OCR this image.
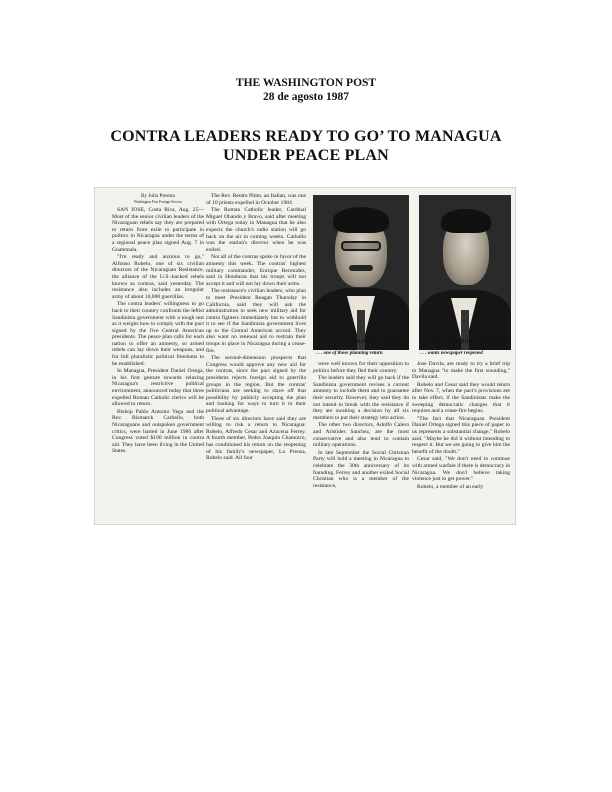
THE WASHINGTON POST
28 de agosto 1987
CONTRA LEADERS READY TO GO’ TO MANAGUA
UNDER PEACE PLAN
By Julia Preston
Washington Post Foreign Service

SAN JOSE, Costa Rica, Aug. 25—Most of the senior civilian leaders of the Nicaraguan rebels say they are prepared to return from exile to participate in politics in Nicaragua under the terms of a regional peace plan signed Aug. 7 in Guatemala.

"I'm ready and anxious to go," Alfonso Robelo, one of six civilian directors of the Nicaraguan Resistance, the alliance of the U.S.-backed rebels known as contras, said yesterday. The resistance also includes an irregular army of about 16,000 guerrillas.

The contra leaders' willingness to go back to their country confronts the leftist Sandinista government with a tough test as it weighs how to comply with the pact signed by the five Central American presidents. The peace plan calls for each nation to offer an amnesty, so armed rebels can lay down their weapons, and for full pluralistic political freedoms to be established.

In Managua, President Daniel Ortega, in his first gesture towards relaxing Nicaragua's restrictive political environment, announced today that three expelled Roman Catholic clerics will be allowed to return.

Bishop Pablo Antonio Vega and the Rev. Bismarck Carballo, both Nicaraguans and outspoken government critics, were barred in June 1986 after Congress voted $100 million in contra aid. They have been living in the United States.

The Rev. Benito Pitito, an Italian, was one of 10 priests expelled in October 1984.

The Roman Catholic leader, Cardinal Miguel Obando y Bravo, said after meeting with Ortega today in Managua that he also expects the church's radio station will go back on the air in coming weeks. Carballo was the station's director when he was exiled.

Not all of the contras spoke in favor of the amnesty this week. The contras' highest military commander, Enrique Bermudez, said in Honduras that his troops will not accept it and will not lay down their arms.

The resistance's civilian leaders, who plan to meet President Reagan Thursday in California, said they will ask the administration to seek new military aid for contra fighters immediately but to withhold it to see if the Sandinista government lives up to the Central American accord. They also want no renewal aid to restrain their troops in place in Nicaragua during a cease-fire.

The second-dimension prospects that Congress would approve any new aid for the contras, since the pact signed by the presidents rejects foreign aid to guerrilla groups in the region. But the contras' politicians are seeking to stave off that possibility by publicly accepting the plan and looking for ways to turn it to their political advantage.

Three of six directors have said they are willing to risk a return to Nicaragua: Robelo, Alfredo Cesar and Azucena Ferrey. A fourth member, Pedro Joaquin Chamorro, has conditioned his return on the reopening of his family's newspaper, La Prensa, Robelo said. All four

ALFONSO ROBELO
. . . one of those planning return
PEDRO JOAQUIN CHAMORRO
. . . wants newspaper reopened

were well known for their opposition to politics before they fled their country.

The leaders said they will go back if the Sandinista government revises a current amnesty to include them and to guarantee their security. However, they said they do not intend to break with the resistance if they are awaiting a decision by all six members to put their strategy into action.

The other two directors, Adolfo Calero and Aristides Sanchez, are the most conservative and also tend to contain military operations.

In late September the Social Christian Party will hold a meeting in Nicaragua to celebrate the 30th anniversary of its founding. Ferrey and another exiled Social Christian who is a member of the resistance,

Jose Davila, are ready to try a brief trip to Managua "to make the first sounding," Davila said.

Robelo and Cesar said they would return after Nov. 7, when the pact's provisions are to take effect, if the Sandinistas make the sweeping democratic changes that it requires and a cease-fire begins.

"The fact that Nicaraguan President Daniel Ortega signed this piece of paper to us represents a substantial change," Robelo said. "Maybe he did it without intending to respect it. But we are going to give him the benefit of the doubt."

Cesar said, "We don't need to continue with armed warfare if there is democracy in Nicaragua. We don't believe taking violence just to get power."

Robelo, a member of an early
